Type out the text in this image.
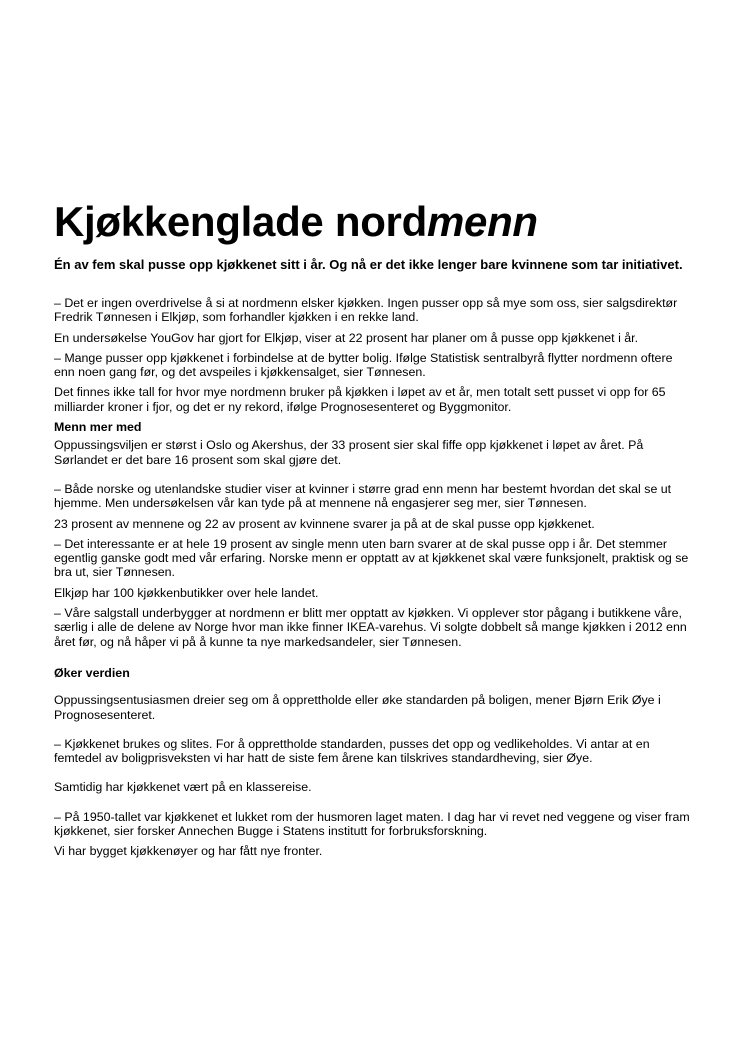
Kjøkkenglade nordmenn

Én av fem skal pusse opp kjøkkenet sitt i år. Og nå er det ikke lenger bare kvinnene som tar initiativet.

– Det er ingen overdrivelse å si at nordmenn elsker kjøkken. Ingen pusser opp så mye som oss, sier salgsdirektør Fredrik Tønnesen i Elkjøp, som forhandler kjøkken i en rekke land.

En undersøkelse YouGov har gjort for Elkjøp, viser at 22 prosent har planer om å pusse opp kjøkkenet i år.

– Mange pusser opp kjøkkenet i forbindelse at de bytter bolig. Ifølge Statistisk sentralbyrå flytter nordmenn oftere enn noen gang før, og det avspeiles i kjøkkensalget, sier Tønnesen.

Det finnes ikke tall for hvor mye nordmenn bruker på kjøkken i løpet av et år, men totalt sett pusset vi opp for 65 milliarder kroner i fjor, og det er ny rekord, ifølge Prognosesenteret og Byggmonitor.

Menn mer med

Oppussingsviljen er størst i Oslo og Akershus, der 33 prosent sier skal fiffe opp kjøkkenet i løpet av året. På Sørlandet er det bare 16 prosent som skal gjøre det.

– Både norske og utenlandske studier viser at kvinner i større grad enn menn har bestemt hvordan det skal se ut hjemme. Men undersøkelsen vår kan tyde på at mennene nå engasjerer seg mer, sier Tønnesen.

23 prosent av mennene og 22 av prosent av kvinnene svarer ja på at de skal pusse opp kjøkkenet.

– Det interessante er at hele 19 prosent av single menn uten barn svarer at de skal pusse opp i år. Det stemmer egentlig ganske godt med vår erfaring. Norske menn er opptatt av at kjøkkenet skal være funksjonelt, praktisk og se bra ut, sier Tønnesen.

Elkjøp har 100 kjøkkenbutikker over hele landet.

– Våre salgstall underbygger at nordmenn er blitt mer opptatt av kjøkken. Vi opplever stor pågang i butikkene våre, særlig i alle de delene av Norge hvor man ikke finner IKEA-varehus. Vi solgte dobbelt så mange kjøkken i 2012 enn året før, og nå håper vi på å kunne ta nye markedsandeler, sier Tønnesen.

Øker verdien

Oppussingsentusiasmen dreier seg om å opprettholde eller øke standarden på boligen, mener Bjørn Erik Øye i Prognosesenteret.

– Kjøkkenet brukes og slites. For å opprettholde standarden, pusses det opp og vedlikeholdes. Vi antar at en femtedel av boligprisveksten vi har hatt de siste fem årene kan tilskrives standardheving, sier Øye.

Samtidig har kjøkkenet vært på en klassereise.

– På 1950-tallet var kjøkkenet et lukket rom der husmoren laget maten. I dag har vi revet ned veggene og viser fram kjøkkenet, sier forsker Annechen Bugge i Statens institutt for forbruksforskning.

Vi har bygget kjøkkenøyer og har fått nye fronter.
